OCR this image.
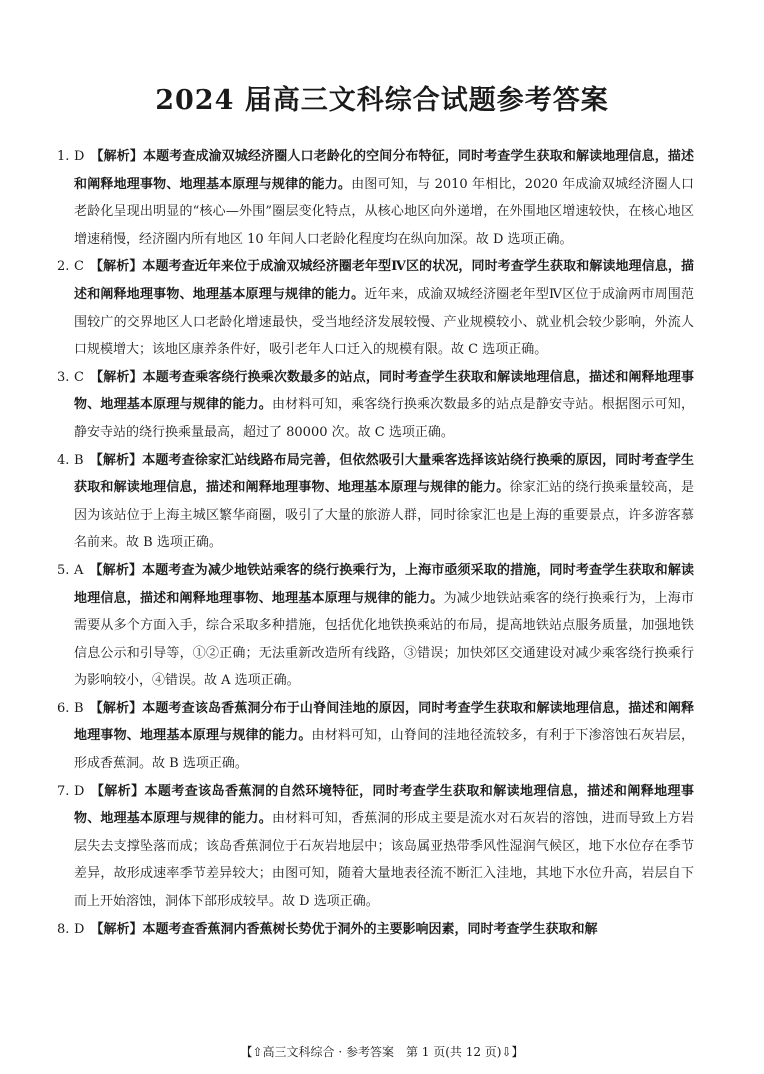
2024 届高三文科综合试题参考答案

1. D 【解析】本题考查成渝双城经济圈人口老龄化的空间分布特征，同时考查学生获取和解读地理信息，描述和阐释地理事物、地理基本原理与规律的能力。由图可知，与 2010 年相比，2020 年成渝双城经济圈人口老龄化呈现出明显的“核心—外围”圈层变化特点，从核心地区向外递增，在外围地区增速较快，在核心地区增速稍慢，经济圈内所有地区 10 年间人口老龄化程度均在纵向加深。故 D 选项正确。

2. C 【解析】本题考查近年来位于成渝双城经济圈老年型Ⅳ区的状况，同时考查学生获取和解读地理信息，描述和阐释地理事物、地理基本原理与规律的能力。近年来，成渝双城经济圈老年型Ⅳ区位于成渝两市周围范围较广的交界地区人口老龄化增速最快，受当地经济发展较慢、产业规模较小、就业机会较少影响，外流人口规模增大；该地区康养条件好，吸引老年人口迁入的规模有限。故 C 选项正确。

3. C 【解析】本题考查乘客绕行换乘次数最多的站点，同时考查学生获取和解读地理信息，描述和阐释地理事物、地理基本原理与规律的能力。由材料可知，乘客绕行换乘次数最多的站点是静安寺站。根据图示可知，静安寺站的绕行换乘量最高，超过了 80000 次。故 C 选项正确。

4. B 【解析】本题考查徐家汇站线路布局完善，但依然吸引大量乘客选择该站绕行换乘的原因，同时考查学生获取和解读地理信息，描述和阐释地理事物、地理基本原理与规律的能力。徐家汇站的绕行换乘量较高，是因为该站位于上海主城区繁华商圈，吸引了大量的旅游人群，同时徐家汇也是上海的重要景点，许多游客慕名前来。故 B 选项正确。

5. A 【解析】本题考查为减少地铁站乘客的绕行换乘行为，上海市亟须采取的措施，同时考查学生获取和解读地理信息，描述和阐释地理事物、地理基本原理与规律的能力。为减少地铁站乘客的绕行换乘行为，上海市需要从多个方面入手，综合采取多种措施，包括优化地铁换乘站的布局，提高地铁站点服务质量，加强地铁信息公示和引导等，①②正确；无法重新改造所有线路，③错误；加快郊区交通建设对减少乘客绕行换乘行为影响较小，④错误。故 A 选项正确。

6. B 【解析】本题考查该岛香蕉洞分布于山脊间洼地的原因，同时考查学生获取和解读地理信息，描述和阐释地理事物、地理基本原理与规律的能力。由材料可知，山脊间的洼地径流较多，有利于下渗溶蚀石灰岩层，形成香蕉洞。故 B 选项正确。

7. D 【解析】本题考查该岛香蕉洞的自然环境特征，同时考查学生获取和解读地理信息，描述和阐释地理事物、地理基本原理与规律的能力。由材料可知，香蕉洞的形成主要是流水对石灰岩的溶蚀，进而导致上方岩层失去支撑坠落而成；该岛香蕉洞位于石灰岩地层中；该岛属亚热带季风性湿润气候区，地下水位存在季节差异，故形成速率季节差异较大；由图可知，随着大量地表径流不断汇入洼地，其地下水位升高，岩层自下而上开始溶蚀，洞体下部形成较早。故 D 选项正确。

8. D 【解析】本题考查香蕉洞内香蕉树长势优于洞外的主要影响因素，同时考查学生获取和解

【⇧高三文科综合 · 参考答案　第 1 页(共 12 页)⇩】
